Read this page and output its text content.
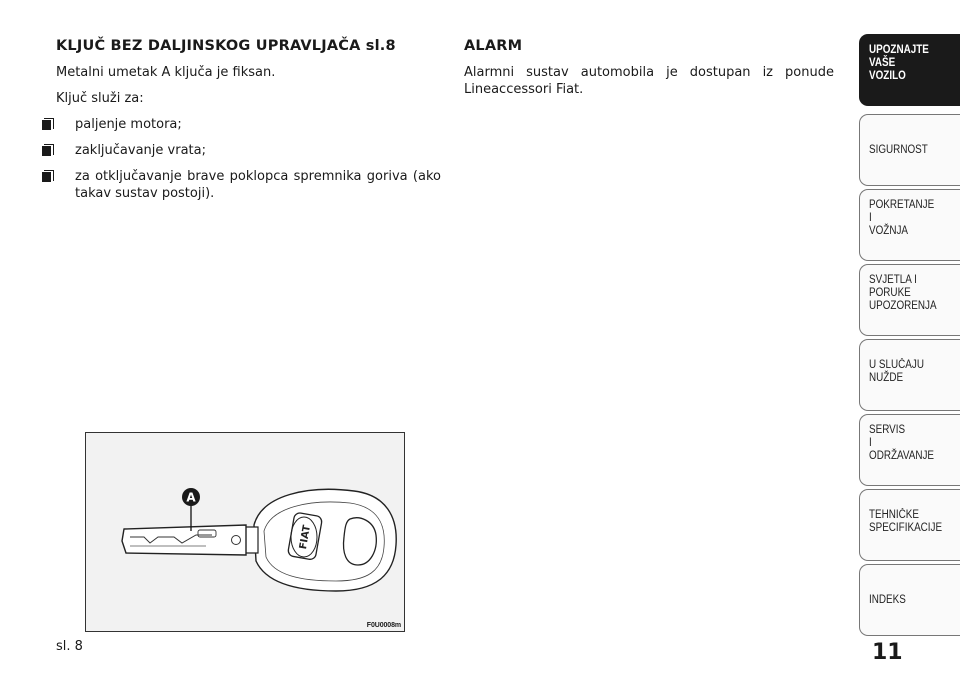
KLJUČ BEZ DALJINSKOG UPRAVLJAČA sl.8

Metalni umetak A ključa je fiksan.

Ključ služi za:

paljenje motora;
zaključavanje vrata;
za otključavanje brave poklopca spremnika goriva (ako takav sustav postoji).
ALARM

Alarmni sustav automobila je dostupan iz ponude Lineaccessori Fiat.

FIAT
A
F0U0008m
sl. 8
UPOZNAJTE
VAŠE
VOZILO
SIGURNOST
POKRETANJE
I
VOŽNJA
SVJETLA I
PORUKE
UPOZORENJA
U SLUČAJU
NUŽDE
SERVIS
I
ODRŽAVANJE
TEHNIČKE
SPECIFIKACIJE
INDEKS
11
